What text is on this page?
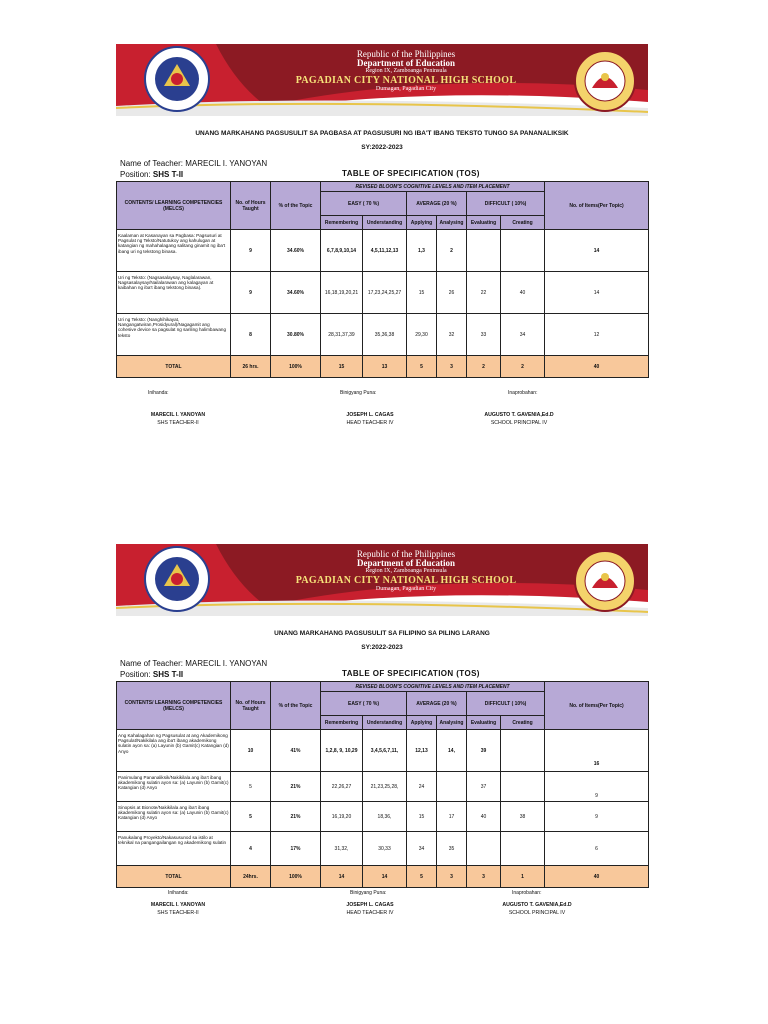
Republic of the Philippines
Department of Education
Region IX, Zamboanga Peninsula
PAGADIAN CITY NATIONAL HIGH SCHOOL
Dumagan, Pagadian City
UNANG MARKAHANG PAGSUSULIT SA PAGBASA AT PAGSUSURI NG IBA'T IBANG TEKSTO TUNGO SA PANANALIKSIK
SY:2022-2023
Name of Teacher: MARECIL I. YANOYAN
Position: SHS T-II	TABLE OF SPECIFICATION (TOS)
CONTENTS/ LEARNING COMPETENCIES (MELCS)	No. of Hours Taught	% of the Topic	REVISED BLOOM'S COGNITIVE LEVELS AND ITEM PLACEMENT						No. of Items(Per Topic)
			EASY ( 70 %)		AVERAGE (20 %)		DIFFICULT ( 10%)		
			Remembering	Understanding	Applying	Analysing	Evaluating	Creating	
Kaalaman at Kasanayan sa Pagbasa: Pagsusuri at Pagsulat ng Teksto/Natutukoy ang kahulugan at katangian ng mahahalagang salitang ginamit ng iba't ibang uri ng tekstong binasa.	9	34.60%	6,7,8,9,10,14	4,5,11,12,13	1,3	2			14
Uri ng Teksto: (Nagsasalaysay, Naglalarawan, Nagsasalaysay/Nailalarawan ang kalagayan at kaibahan ng iba't ibang tekstong binasa).	9	34.60%	16,18,19,20,21	17,23,24,25,27	15	26	22	40	14
Uri ng Teksto: (Nanghihikayat, Nangangatwiran,Prosidyural)/Nagagamit ang cohesive device sa pagsulat ng sariling halimbawang teksto	8	30.80%	28,31,37,39	35,36,38	29,30	32	33	34	12
TOTAL	26 hrs.	100%	15	13	5	3	2	2	40
Inihanda:	Binigyang Puna:	Inaprobahan:
MARECIL I. YANOYAN
SHS TEACHER-II
JOSEPH L. CAGAS
HEAD TEACHER IV
AUGUSTO T. GAVENIA,Ed.D
SCHOOL PRINCIPAL IV
Republic of the Philippines
Department of Education
Region IX, Zamboanga Peninsula
PAGADIAN CITY NATIONAL HIGH SCHOOL
Dumagan, Pagadian City
UNANG MARKAHANG PAGSUSULIT SA FILIPINO SA PILING LARANG
SY:2022-2023
Name of Teacher: MARECIL I. YANOYAN
Position: SHS T-II	TABLE OF SPECIFICATION (TOS)
CONTENTS/ LEARNING COMPETENCIES (MELCS)	No. of Hours Taught	% of the Topic	REVISED BLOOM'S COGNITIVE LEVELS AND ITEM PLACEMENT						No. of Items(Per Topic)
			EASY ( 70 %)		AVERAGE (20 %)		DIFFICULT ( 10%)		
			Remembering	Understanding	Applying	Analysing	Evaluating	Creating	
Ang Kahalagahan ng Pagsusulat at ang Akademikong Pagsulat/Nakikilala ang iba't ibang akademikong sulatin ayon sa: (a) Layunin (b) Gamit(c) Katangian (d) Anyo	10	41%	1,2,8, 9, 10,29	3,4,5,6,7,11,	12,13	14,	39		16
Panimulang Pananaliksik/Nakikilala ang iba't ibang akademikong sulatin ayon sa: (a) Layunin (b) Gamit(c) Katangian (d) Anyo	5	21%	22,26,27	21,23,25,28,	24		37		9
Sinopsis at Bionote/Nakikilala ang iba't ibang akademikong sulatin ayon sa: (a) Layunin (b) Gamit(c) Katangian (d) Anyo	5	21%	16,19,20	18,36,	15	17	40	38	9
Panukalang Proyekto/Nakasusunod sa istilo at teknikal na pangangailangan ng akademikong sulatin	4	17%	31,32,	30,33	34	35			6
TOTAL	24hrs.	100%	14	14	5	3	3	1	40
Inihanda:	Binigyang Puna:	Inaprobahan:
MARECIL I. YANOYAN
SHS TEACHER-II
JOSEPH L. CAGAS
HEAD TEACHER IV
AUGUSTO T. GAVENIA,Ed.D
SCHOOL PRINCIPAL IV
